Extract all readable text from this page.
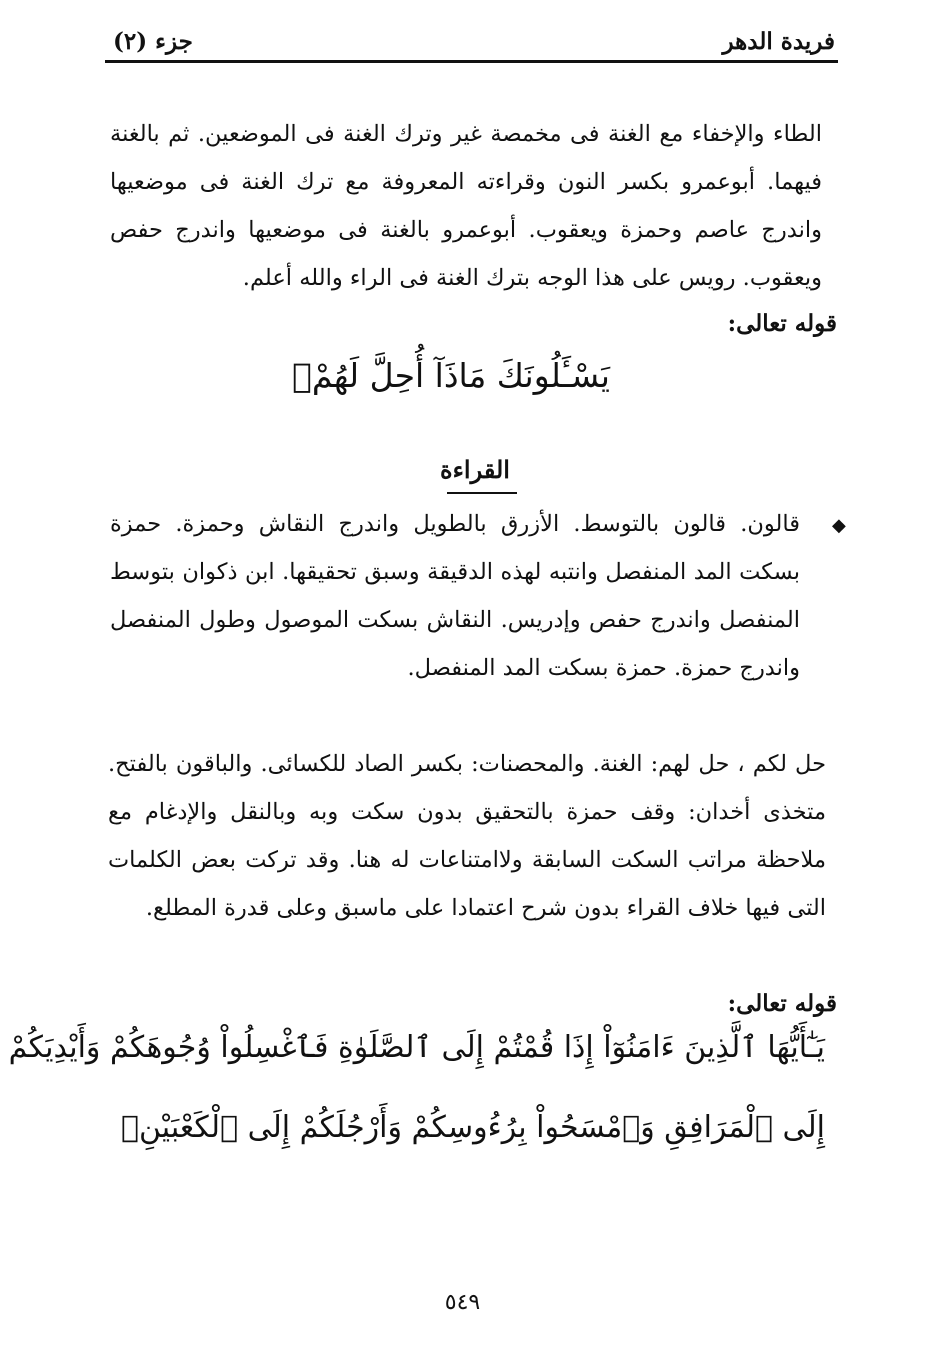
فريدة الدهر
جزء (٢)

الطاء والإخفاء مع الغنة فى مخمصة غير وترك الغنة فى الموضعين. ثم بالغنة فيهما. أبوعمرو بكسر النون وقراءته المعروفة مع ترك الغنة فى موضعيها واندرج عاصم وحمزة ويعقوب. أبوعمرو بالغنة فى موضعيها واندرج حفص ويعقوب. رويس على هذا الوجه بترك الغنة فى الراء والله أعلم.

قوله تعالى:
يَسْـَٔلُونَكَ مَاذَآ أُحِلَّ لَهُمْۖ
القراءة
◆

قالون. قالون بالتوسط. الأزرق بالطويل واندرج النقاش وحمزة. حمزة بسكت المد المنفصل وانتبه لهذه الدقيقة وسبق تحقيقها. ابن ذكوان بتوسط المنفصل واندرج حفص وإدريس. النقاش بسكت الموصول وطول المنفصل واندرج حمزة. حمزة بسكت المد المنفصل.

حل لكم ، حل لهم: الغنة. والمحصنات: بكسر الصاد للكسائى. والباقون بالفتح. متخذى أخدان: وقف حمزة بالتحقيق بدون سكت وبه وبالنقل والإدغام مع ملاحظة مراتب السكت السابقة ولاامتناعات له هنا. وقد تركت بعض الكلمات التى فيها خلاف القراء بدون شرح اعتمادا على ماسبق وعلى قدرة المطلع.

قوله تعالى:
يَـٰٓأَيُّهَا ٱلَّذِينَ ءَامَنُوٓاْ إِذَا قُمْتُمْ إِلَى ٱلصَّلَوٰةِ فَٱغْسِلُواْ وُجُوهَكُمْ وَأَيْدِيَكُمْ
إِلَى ٱلْمَرَافِقِ وَٱمْسَحُواْ بِرُءُوسِكُمْ وَأَرْجُلَكُمْ إِلَى ٱلْكَعْبَيْنِۚ
٥٤٩
